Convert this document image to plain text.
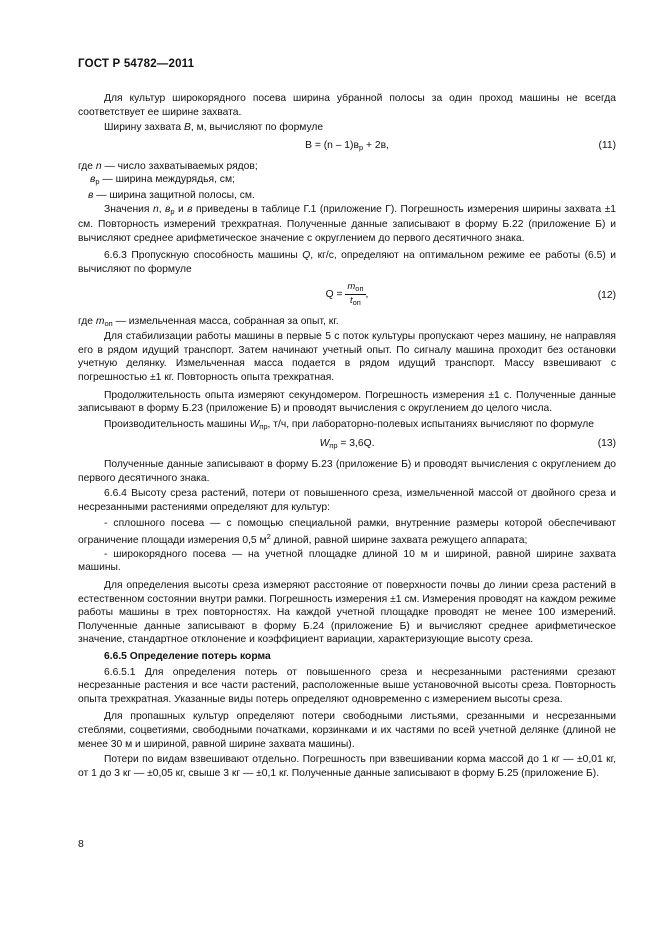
ГОСТ Р 54782—2011

Для культур широкорядного посева ширина убранной полосы за один проход машины не всегда соответствует ее ширине захвата.

Ширину захвата В, м, вычисляют по формуле

$B = (n - 1)в_р + 2в$,	(11)

где n — число захватываемых рядов;

$в_р$ — ширина междурядья, см;

в — ширина защитной полосы, см.

Значения n, $в_р$ и в приведены в таблице Г.1 (приложение Г). Погрешность измерения ширины захвата ±1 см. Повторность измерений трехкратная. Полученные данные записывают в форму Б.22 (приложение Б) и вычисляют среднее арифметическое значение с округлением до первого десятичного знака.

6.6.3 Пропускную способность машины Q, кг/с, определяют на оптимальном режиме ее работы (6.5) и вычисляют по формуле

$Q = \frac{m_{оп}}{t_{оп}}$ ,	(12)

где $m_{оп}$ — измельченная масса, собранная за опыт, кг.

Для стабилизации работы машины в первые 5 с поток культуры пропускают через машину, не направляя его в рядом идущий транспорт. Затем начинают учетный опыт. По сигналу машина проходит без остановки учетную делянку. Измельченная масса подается в рядом идущий транспорт. Массу взвешивают с погрешностью ±1 кг. Повторность опыта трехкратная.

Продолжительность опыта измеряют секундомером. Погрешность измерения ±1 с. Полученные данные записывают в форму Б.23 (приложение Б) и проводят вычисления с округлением до целого числа.

Производительность машины $W_{пр}$, т/ч, при лабораторно-полевых испытаниях вычисляют по формуле

$W_{пр} = 3,6Q$.	(13)

Полученные данные записывают в форму Б.23 (приложение Б) и проводят вычисления с округлением до первого десятичного знака.

6.6.4 Высоту среза растений, потери от повышенного среза, измельченной массой от двойного среза и несрезанными растениями определяют для культур:

- сплошного посева — с помощью специальной рамки, внутренние размеры которой обеспечивают ограничение площади измерения 0,5 $м^2$ длиной, равной ширине захвата режущего аппарата;

- широкорядного посева — на учетной площадке длиной 10 м и шириной, равной ширине захвата машины.

Для определения высоты среза измеряют расстояние от поверхности почвы до линии среза растений в естественном состоянии внутри рамки. Погрешность измерения ±1 см. Измерения проводят на каждом режиме работы машины в трех повторностях. На каждой учетной площадке проводят не менее 100 измерений. Полученные данные записывают в форму Б.24 (приложение Б) и вычисляют среднее арифметическое значение, стандартное отклонение и коэффициент вариации, характеризующие высоту среза.

6.6.5 Определение потерь корма

6.6.5.1 Для определения потерь от повышенного среза и несрезанными растениями срезают несрезанные растения и все части растений, расположенные выше установочной высоты среза. Повторность опыта трехкратная. Указанные виды потерь определяют одновременно с измерением высоты среза.

Для пропашных культур определяют потери свободными листьями, срезанными и несрезанными стеблями, соцветиями, свободными початками, корзинками и их частями по всей учетной делянке (длиной не менее 30 м и шириной, равной ширине захвата машины).

Потери по видам взвешивают отдельно. Погрешность при взвешивании корма массой до 1 кг — ±0,01 кг, от 1 до 3 кг — ±0,05 кг, свыше 3 кг — ±0,1 кг. Полученные данные записывают в форму Б.25 (приложение Б).

8
